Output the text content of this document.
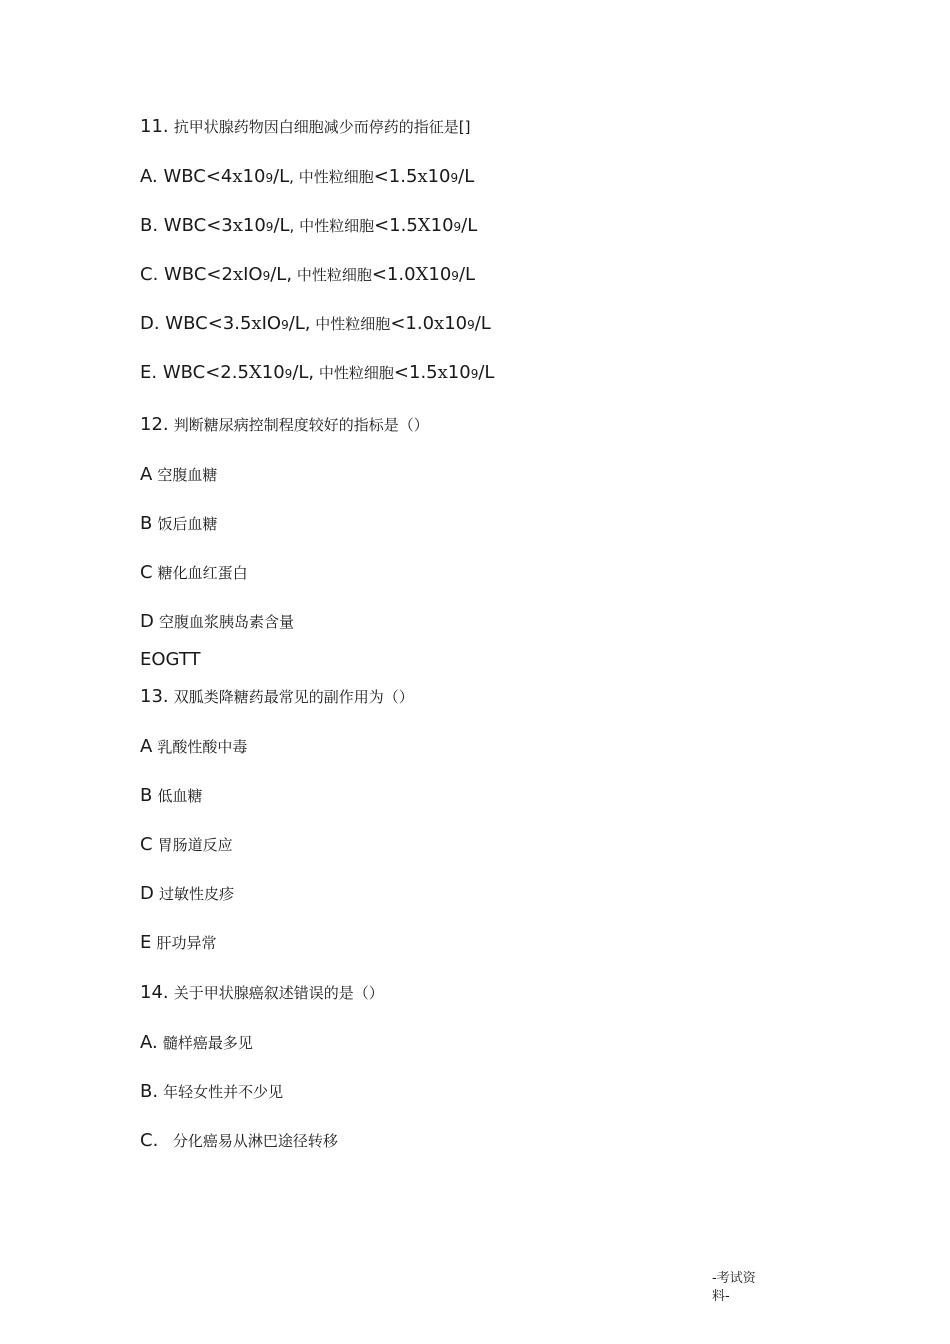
11. 抗甲状腺药物因白细胞减少而停药的指征是[]
A. WBC<4x109/L, 中性粒细胞<1.5x109/L
B. WBC<3x109/L, 中性粒细胞<1.5X109/L
C. WBC<2xIO9/L, 中性粒细胞<1.0X109/L
D. WBC<3.5xIO9/L, 中性粒细胞<1.0x109/L
E. WBC<2.5X109/L, 中性粒细胞<1.5x109/L
12. 判断糖尿病控制程度较好的指标是（）
A 空腹血糖
B 饭后血糖
C 糖化血红蛋白
D 空腹血浆胰岛素含量
EOGTT
13. 双胍类降糖药最常见的副作用为（）
A 乳酸性酸中毒
B 低血糖
C 胃肠道反应
D 过敏性皮疹
E 肝功异常
14. 关于甲状腺癌叙述错误的是（）
A. 髓样癌最多见
B. 年轻女性并不少见
C.   分化癌易从淋巴途径转移
-考试资
料-
